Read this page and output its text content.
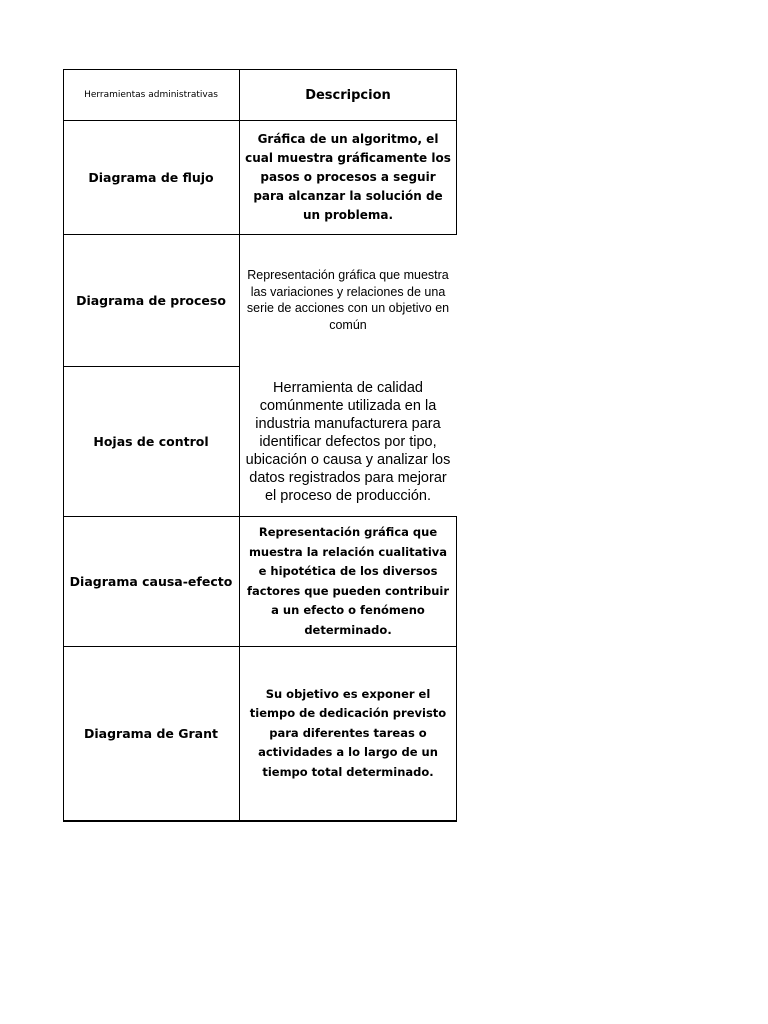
Herramientas administrativas	Descripcion
Diagrama de flujo
Gráfica de un algoritmo, el cual muestra gráficamente los pasos o procesos a seguir para alcanzar la solución de un problema.
Diagrama de proceso
Representación gráfica que muestra las variaciones y relaciones de una serie de acciones con un objetivo en común
Hojas de control
Herramienta de calidad comúnmente utilizada en la industria manufacturera para identificar defectos por tipo, ubicación o causa y analizar los datos registrados para mejorar el proceso de producción.
Diagrama causa-efecto
Representación gráfica que muestra la relación cualitativa e hipotética de los diversos factores que pueden contribuir a un efecto o fenómeno determinado.
Diagrama de Grant
Su objetivo es exponer el tiempo de dedicación previsto para diferentes tareas o actividades a lo largo de un tiempo total determinado.
